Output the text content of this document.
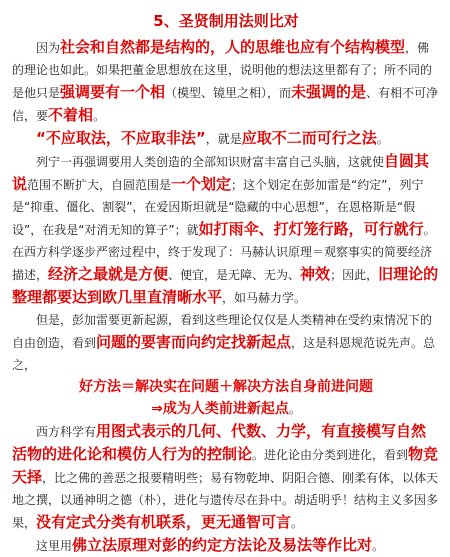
5、圣贤制用法则比对

因为社会和自然都是结构的，人的思维也应有个结构模型，佛的理论也如此。如果把董金思想放在这里，说明他的想法这里都有了；所不同的是他只是强调要有一个相（模型、镜里之相），而未强调的是、有相不可净信，要不着相。

“不应取法，不应取非法”，就是应取不二而可行之法。

列宁一再强调要用人类创造的全部知识财富丰富自己头脑，这就使自圆其说范围不断扩大，自圆范围是一个划定；这个划定在彭加雷是“约定”，列宁是“抑重、僵化、割裂”，在爱因斯坦就是“隐藏的中心思想”，在恩格斯是“假设”，在我是“对消无知的算子”；就如打雨伞、打灯笼行路，可行就行。在西方科学逐步严密过程中，终于发现了：马赫认识原理＝观察事实的简要经济描述，经济之最就是方便、便宜，是无障、无为、神效；因此，旧理论的整理都要达到欧几里直清晰水平，如马赫力学。

但是，彭加雷要更新起源，看到这些理论仅仅是人类精神在受约束情况下的自由创造，看到问题的要害而向约定找新起点，这是科恩规范说先声。总之，

好方法＝解决实在问题＋解决方法自身前进问题

⇒成为人类前进新起点。

西方科学有用图式表示的几何、代数、力学，有直接模写自然活物的进化论和模仿人行为的控制论。进化论由分类到进化，看到物竞天择，比之佛的善恶之报要精明些；易有物乾坤、阴阳合德、刚柔有体，以体天地之撰，以通神明之德（朴），进化与遗传尽在卦中。胡适明乎！结构主义多因多果，没有定式分类有机联系，更无通智可言。

这里用佛立法原理对彭的约定方法论及易法等作比对。
